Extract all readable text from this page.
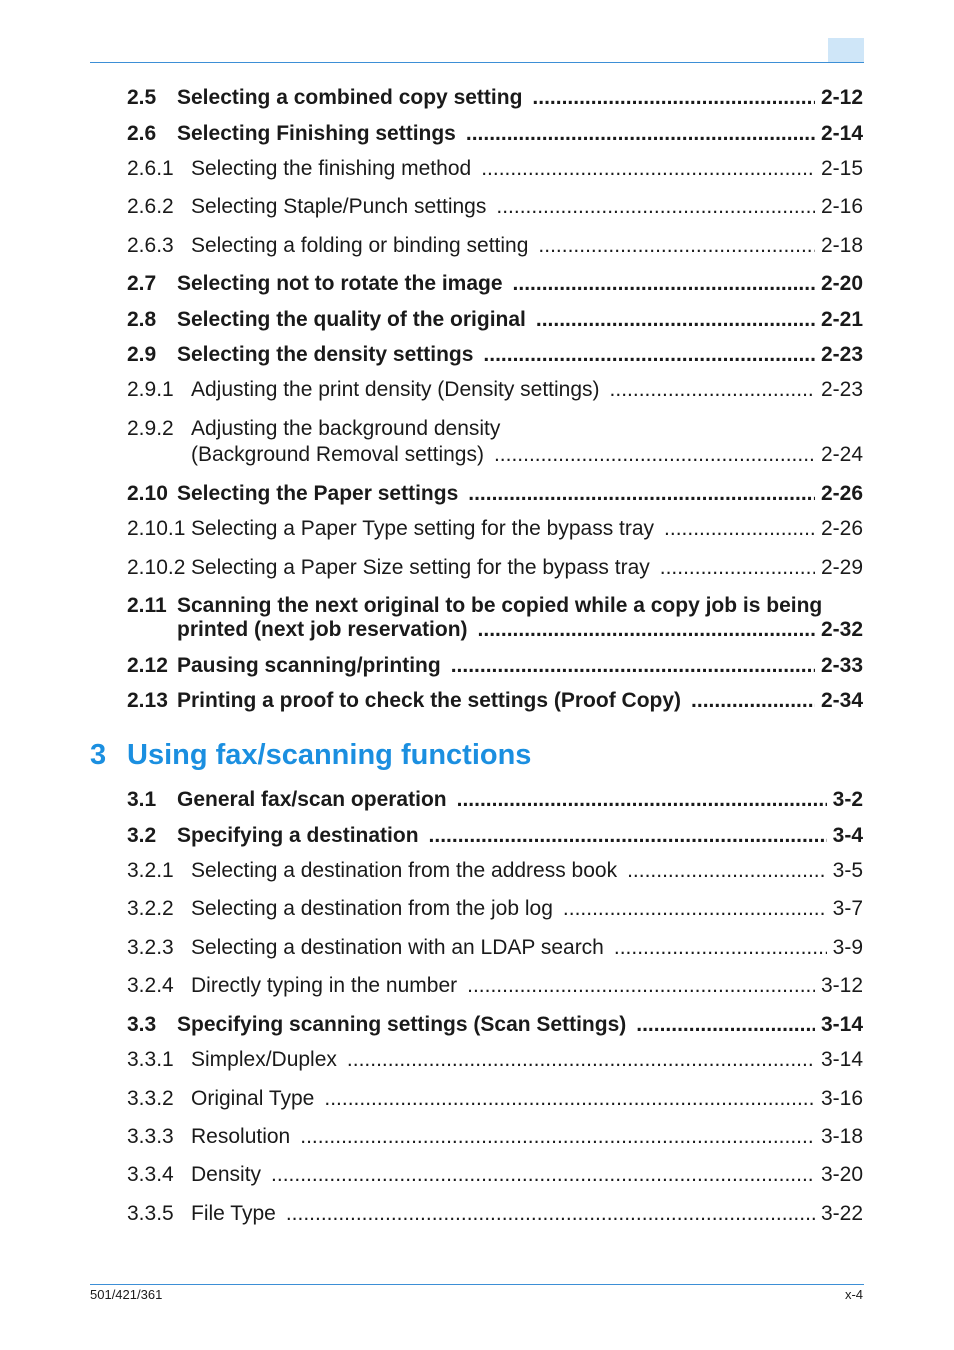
2.5 Selecting a combined copy setting .....	2-12
2.6 Selecting Finishing settings .....	2-14
2.6.1 Selecting the finishing method .....	2-15
2.6.2 Selecting Staple/Punch settings .....	2-16
2.6.3 Selecting a folding or binding setting .....	2-18
2.7 Selecting not to rotate the image .....	2-20
2.8 Selecting the quality of the original .....	2-21
2.9 Selecting the density settings .....	2-23
2.9.1 Adjusting the print density (Density settings) .....	2-23
2.9.2 Adjusting the background density
(Background Removal settings) .....	2-24
2.10 Selecting the Paper settings .....	2-26
2.10.1 Selecting a Paper Type setting for the bypass tray .....	2-26
2.10.2 Selecting a Paper Size setting for the bypass tray .....	2-29
2.11 Scanning the next original to be copied while a copy job is being
printed (next job reservation) .....	2-32
2.12 Pausing scanning/printing .....	2-33
2.13 Printing a proof to check the settings (Proof Copy) .....	2-34
3 Using fax/scanning functions
3.1 General fax/scan operation .....	3-2
3.2 Specifying a destination .....	3-4
3.2.1 Selecting a destination from the address book .....	3-5
3.2.2 Selecting a destination from the job log .....	3-7
3.2.3 Selecting a destination with an LDAP search .....	3-9
3.2.4 Directly typing in the number .....	3-12
3.3 Specifying scanning settings (Scan Settings) .....	3-14
3.3.1 Simplex/Duplex .....	3-14
3.3.2 Original Type .....	3-16
3.3.3 Resolution .....	3-18
3.3.4 Density .....	3-20
3.3.5 File Type .....	3-22
501/421/361	x-4
